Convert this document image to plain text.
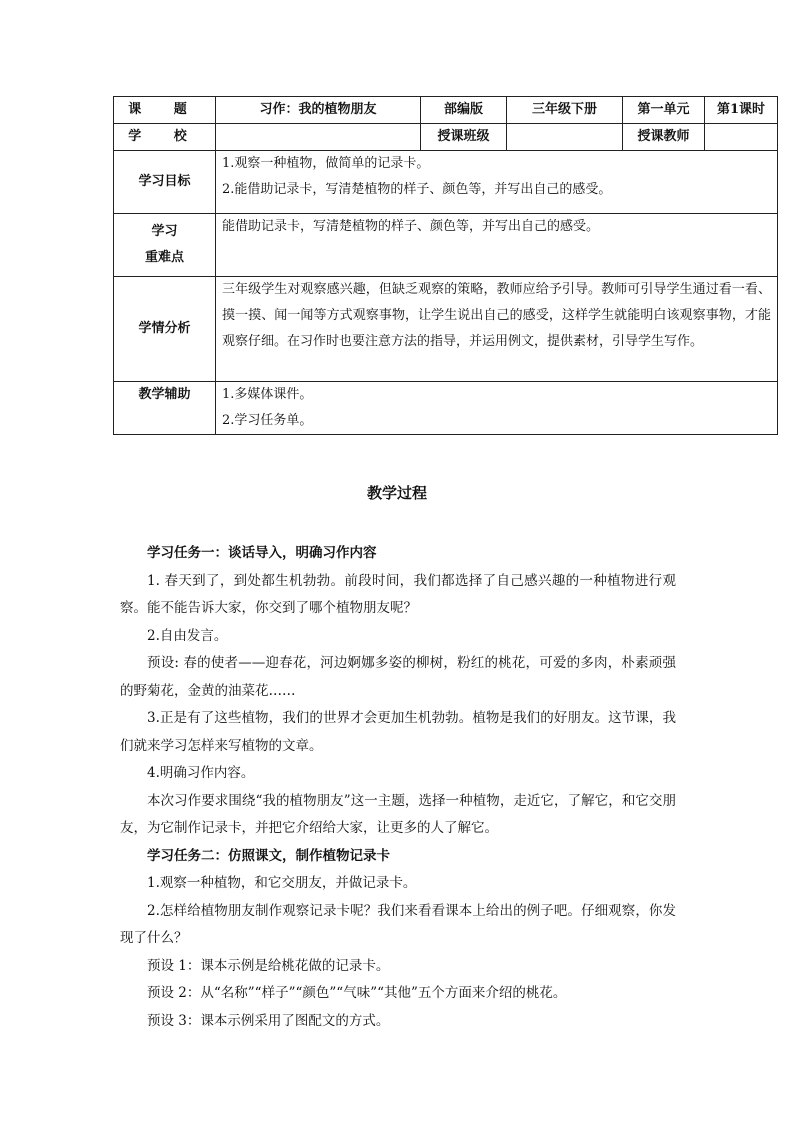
课 题	习作：我的植物朋友	部编版	三年级下册	第一单元	第1课时
学 校		授课班级		授课教师	
学习目标	1.观察一种植物，做简单的记录卡。
2.能借助记录卡，写清楚植物的样子、颜色等，并写出自己的感受。				

学习
重难点	能借助记录卡，写清楚植物的样子、颜色等，并写出自己的感受。				
学情分析	三年级学生对观察感兴趣，但缺乏观察的策略，教师应给予引导。教师可引导学生通过看一看、摸一摸、闻一闻等方式观察事物，让学生说出自己的感受，这样学生就能明白该观察事物，才能观察仔细。在习作时也要注意方法的指导，并运用例文，提供素材，引导学生写作。				

教学辅助	1.多媒体课件。
2.学习任务单。				
教学过程

学习任务一：谈话导入，明确习作内容

1. 春天到了，到处都生机勃勃。前段时间，我们都选择了自己感兴趣的一种植物进行观察。能不能告诉大家，你交到了哪个植物朋友呢？

2.自由发言。

预设: 春的使者——迎春花，河边婀娜多姿的柳树，粉红的桃花，可爱的多肉，朴素顽强的野菊花，金黄的油菜花……

3.正是有了这些植物，我们的世界才会更加生机勃勃。植物是我们的好朋友。这节课，我们就来学习怎样来写植物的文章。

4.明确习作内容。

本次习作要求围绕“我的植物朋友”这一主题，选择一种植物，走近它，了解它，和它交朋友，为它制作记录卡，并把它介绍给大家，让更多的人了解它。

学习任务二：仿照课文，制作植物记录卡

1.观察一种植物，和它交朋友，并做记录卡。

2.怎样给植物朋友制作观察记录卡呢？我们来看看课本上给出的例子吧。仔细观察，你发现了什么？

预设 1：课本示例是给桃花做的记录卡。

预设 2：从“名称”“样子”“颜色”“气味”“其他”五个方面来介绍的桃花。

预设 3：课本示例采用了图配文的方式。
